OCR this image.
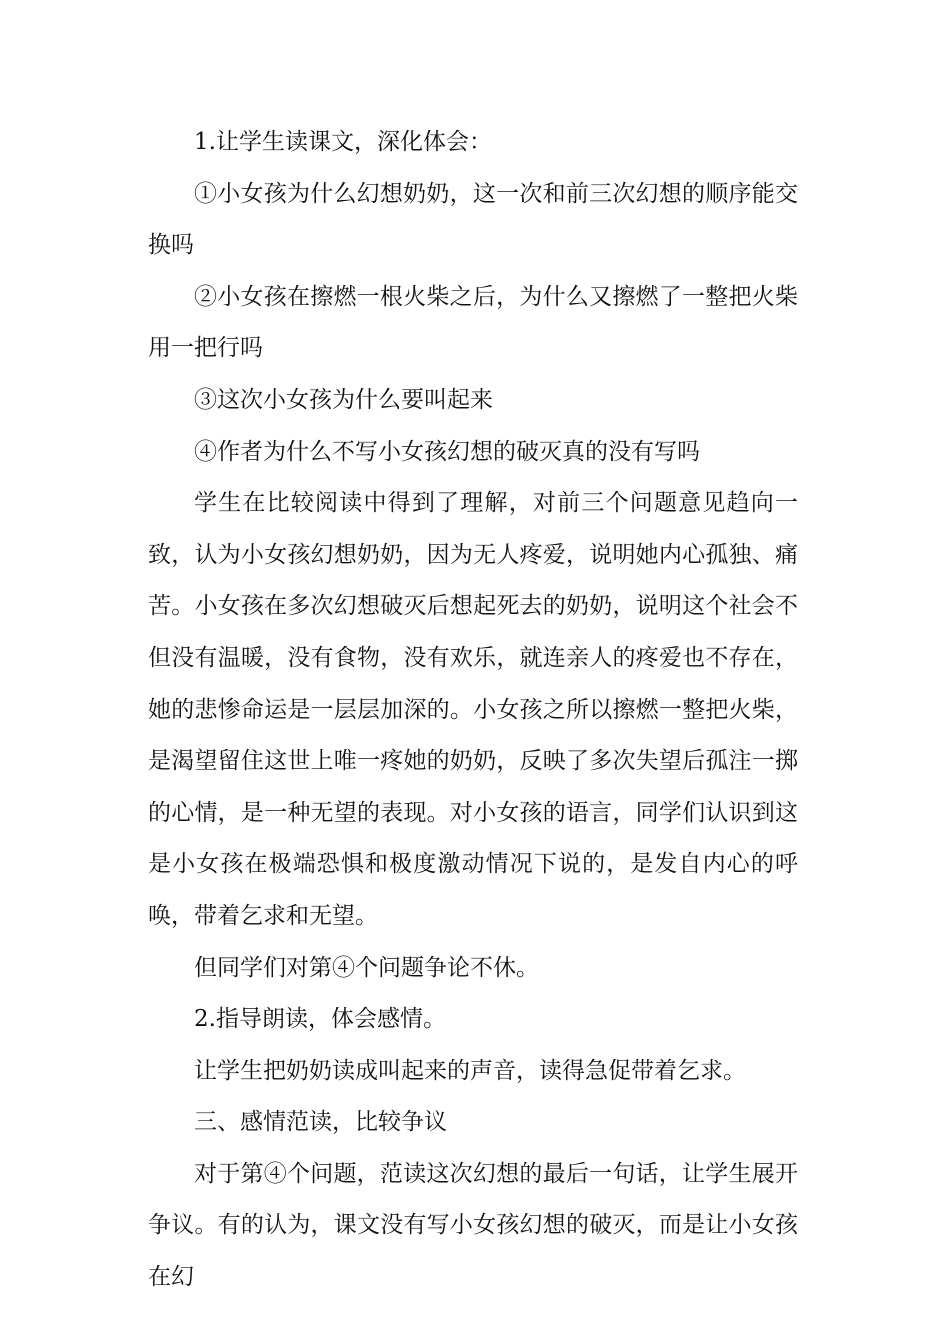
1.让学生读课文，深化体会：

①小女孩为什么幻想奶奶，这一次和前三次幻想的顺序能交换吗

②小女孩在擦燃一根火柴之后，为什么又擦燃了一整把火柴用一把行吗

③这次小女孩为什么要叫起来

④作者为什么不写小女孩幻想的破灭真的没有写吗

学生在比较阅读中得到了理解，对前三个问题意见趋向一致，认为小女孩幻想奶奶，因为无人疼爱，说明她内心孤独、痛苦。小女孩在多次幻想破灭后想起死去的奶奶，说明这个社会不但没有温暖，没有食物，没有欢乐，就连亲人的疼爱也不存在，她的悲惨命运是一层层加深的。小女孩之所以擦燃一整把火柴，是渴望留住这世上唯一疼她的奶奶，反映了多次失望后孤注一掷的心情，是一种无望的表现。对小女孩的语言，同学们认识到这是小女孩在极端恐惧和极度激动情况下说的，是发自内心的呼唤，带着乞求和无望。

但同学们对第④个问题争论不休。

2.指导朗读，体会感情。

让学生把奶奶读成叫起来的声音，读得急促带着乞求。

三、感情范读，比较争议

对于第④个问题，范读这次幻想的最后一句话，让学生展开争议。有的认为，课文没有写小女孩幻想的破灭，而是让小女孩在幻
